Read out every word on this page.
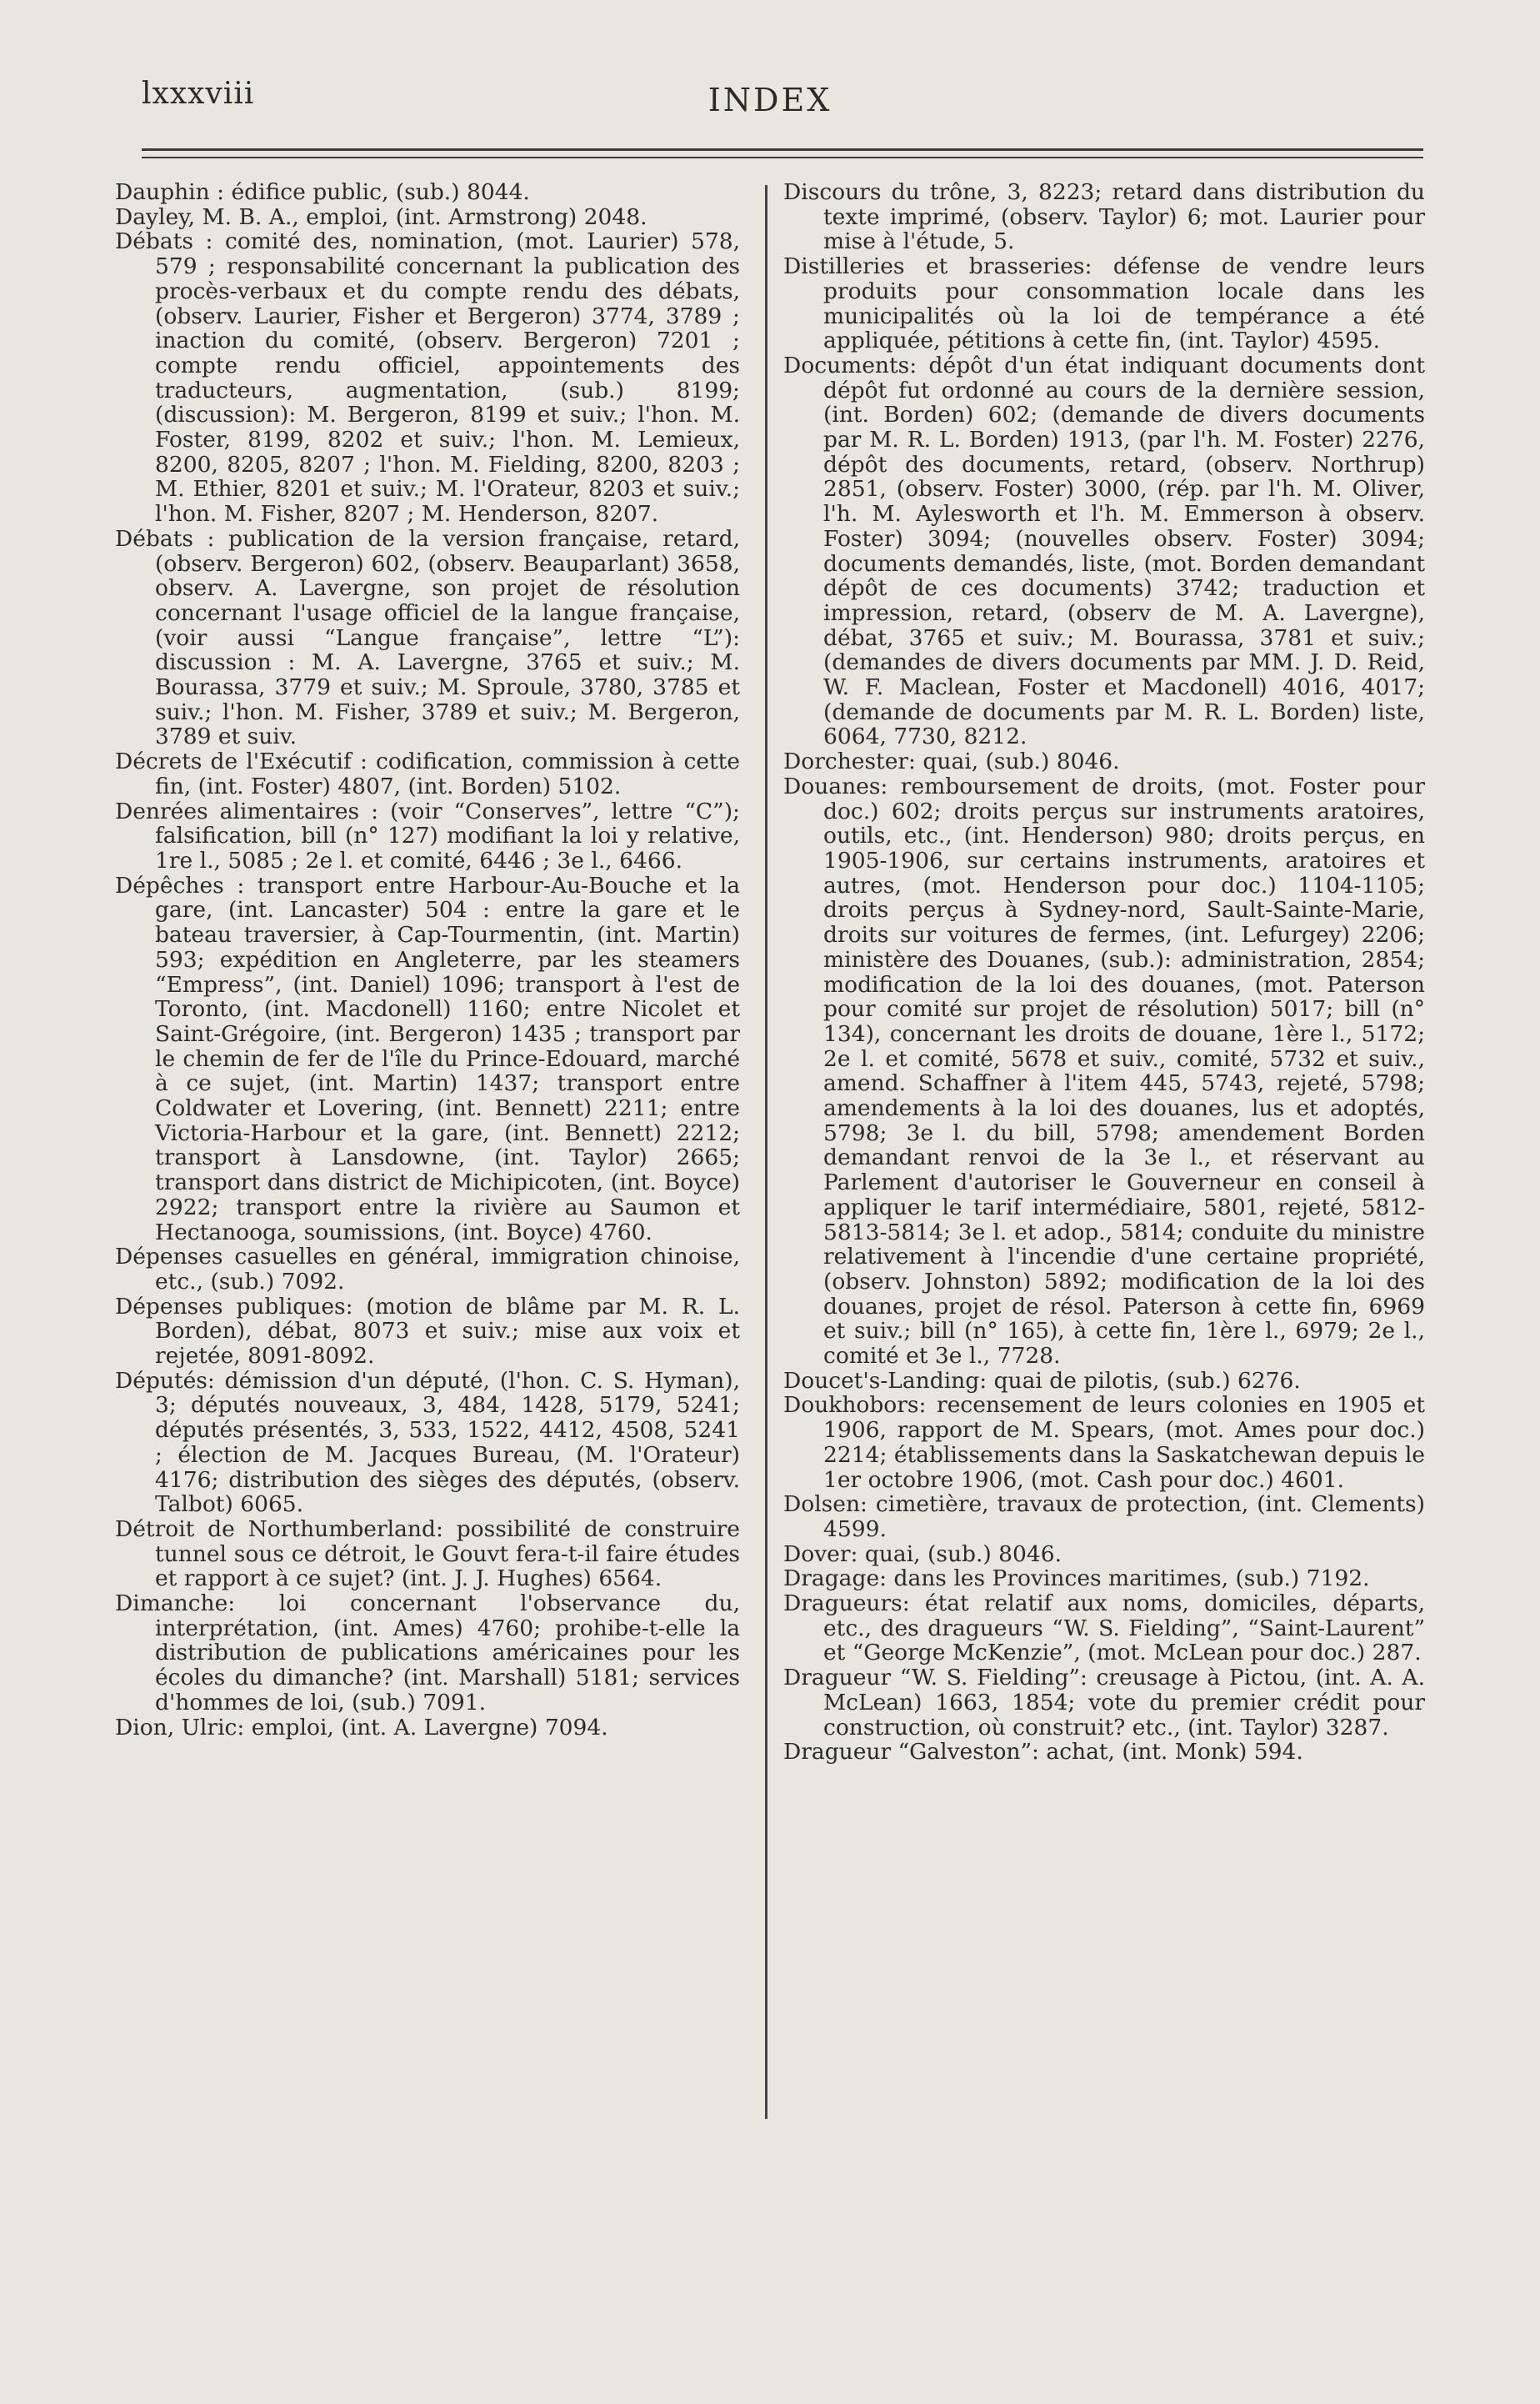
lxxxviii	INDEX

Dauphin : édifice public, (sub.) 8044.

Dayley, M. B. A., emploi, (int. Armstrong) 2048.

Débats : comité des, nomination, (mot. Laurier) 578, 579 ; responsabilité concernant la publication des procès-verbaux et du compte rendu des débats, (observ. Laurier, Fisher et Bergeron) 3774, 3789 ; inaction du comité, (observ. Bergeron) 7201 ; compte rendu officiel, appointements des traducteurs, augmentation, (sub.) 8199; (discussion): M. Bergeron, 8199 et suiv.; l'hon. M. Foster, 8199, 8202 et suiv.; l'hon. M. Lemieux, 8200, 8205, 8207 ; l'hon. M. Fielding, 8200, 8203 ; M. Ethier, 8201 et suiv.; M. l'Orateur, 8203 et suiv.; l'hon. M. Fisher, 8207 ; M. Henderson, 8207.

Débats : publication de la version française, retard, (observ. Bergeron) 602, (observ. Beauparlant) 3658, observ. A. Lavergne, son projet de résolution concernant l'usage officiel de la langue française, (voir aussi “Langue française”, lettre “L”): discussion : M. A. Lavergne, 3765 et suiv.; M. Bourassa, 3779 et suiv.; M. Sproule, 3780, 3785 et suiv.; l'hon. M. Fisher, 3789 et suiv.; M. Bergeron, 3789 et suiv.

Décrets de l'Exécutif : codification, commission à cette fin, (int. Foster) 4807, (int. Borden) 5102.

Denrées alimentaires : (voir “Conserves”, lettre “C”); falsification, bill (n° 127) modifiant la loi y relative, 1re l., 5085 ; 2e l. et comité, 6446 ; 3e l., 6466.

Dépêches : transport entre Harbour-Au-Bouche et la gare, (int. Lancaster) 504 : entre la gare et le bateau traversier, à Cap-Tourmentin, (int. Martin) 593; expédition en Angleterre, par les steamers “Empress”, (int. Daniel) 1096; transport à l'est de Toronto, (int. Macdonell) 1160; entre Nicolet et Saint-Grégoire, (int. Bergeron) 1435 ; transport par le chemin de fer de l'île du Prince-Edouard, marché à ce sujet, (int. Martin) 1437; transport entre Coldwater et Lovering, (int. Bennett) 2211; entre Victoria-Harbour et la gare, (int. Bennett) 2212; transport à Lansdowne, (int. Taylor) 2665; transport dans district de Michipicoten, (int. Boyce) 2922; transport entre la rivière au Saumon et Hectanooga, soumissions, (int. Boyce) 4760.

Dépenses casuelles en général, immigration chinoise, etc., (sub.) 7092.

Dépenses publiques: (motion de blâme par M. R. L. Borden), débat, 8073 et suiv.; mise aux voix et rejetée, 8091-8092.

Députés: démission d'un député, (l'hon. C. S. Hyman), 3; députés nouveaux, 3, 484, 1428, 5179, 5241; députés présentés, 3, 533, 1522, 4412, 4508, 5241 ; élection de M. Jacques Bureau, (M. l'Orateur) 4176; distribution des sièges des députés, (observ. Talbot) 6065.

Détroit de Northumberland: possibilité de construire tunnel sous ce détroit, le Gouvt fera-t-il faire études et rapport à ce sujet? (int. J. J. Hughes) 6564.

Dimanche: loi concernant l'observance du, interprétation, (int. Ames) 4760; prohibe-t-elle la distribution de publications américaines pour les écoles du dimanche? (int. Marshall) 5181; services d'hommes de loi, (sub.) 7091.

Dion, Ulric: emploi, (int. A. Lavergne) 7094.

Discours du trône, 3, 8223; retard dans distribution du texte imprimé, (observ. Taylor) 6; mot. Laurier pour mise à l'étude, 5.

Distilleries et brasseries: défense de vendre leurs produits pour consommation locale dans les municipalités où la loi de tempérance a été appliquée, pétitions à cette fin, (int. Taylor) 4595.

Documents: dépôt d'un état indiquant documents dont dépôt fut ordonné au cours de la dernière session, (int. Borden) 602; (demande de divers documents par M. R. L. Borden) 1913, (par l'h. M. Foster) 2276, dépôt des documents, retard, (observ. Northrup) 2851, (observ. Foster) 3000, (rép. par l'h. M. Oliver, l'h. M. Aylesworth et l'h. M. Emmerson à observ. Foster) 3094; (nouvelles observ. Foster) 3094; documents demandés, liste, (mot. Borden demandant dépôt de ces documents) 3742; traduction et impression, retard, (observ de M. A. Lavergne), débat, 3765 et suiv.; M. Bourassa, 3781 et suiv.; (demandes de divers documents par MM. J. D. Reid, W. F. Maclean, Foster et Macdonell) 4016, 4017; (demande de documents par M. R. L. Borden) liste, 6064, 7730, 8212.

Dorchester: quai, (sub.) 8046.

Douanes: remboursement de droits, (mot. Foster pour doc.) 602; droits perçus sur instruments aratoires, outils, etc., (int. Henderson) 980; droits perçus, en 1905-1906, sur certains instruments, aratoires et autres, (mot. Henderson pour doc.) 1104-1105; droits perçus à Sydney-nord, Sault-Sainte-Marie, droits sur voitures de fermes, (int. Lefurgey) 2206; ministère des Douanes, (sub.): administration, 2854; modification de la loi des douanes, (mot. Paterson pour comité sur projet de résolution) 5017; bill (n° 134), concernant les droits de douane, 1ère l., 5172; 2e l. et comité, 5678 et suiv., comité, 5732 et suiv., amend. Schaffner à l'item 445, 5743, rejeté, 5798; amendements à la loi des douanes, lus et adoptés, 5798; 3e l. du bill, 5798; amendement Borden demandant renvoi de la 3e l., et réservant au Parlement d'autoriser le Gouverneur en conseil à appliquer le tarif intermédiaire, 5801, rejeté, 5812-5813-5814; 3e l. et adop., 5814; conduite du ministre relativement à l'incendie d'une certaine propriété, (observ. Johnston) 5892; modification de la loi des douanes, projet de résol. Paterson à cette fin, 6969 et suiv.; bill (n° 165), à cette fin, 1ère l., 6979; 2e l., comité et 3e l., 7728.

Doucet's-Landing: quai de pilotis, (sub.) 6276.

Doukhobors: recensement de leurs colonies en 1905 et 1906, rapport de M. Spears, (mot. Ames pour doc.) 2214; établissements dans la Saskatchewan depuis le 1er octobre 1906, (mot. Cash pour doc.) 4601.

Dolsen: cimetière, travaux de protection, (int. Clements) 4599.

Dover: quai, (sub.) 8046.

Dragage: dans les Provinces maritimes, (sub.) 7192.

Dragueurs: état relatif aux noms, domiciles, départs, etc., des dragueurs “W. S. Fielding”, “Saint-Laurent” et “George McKenzie”, (mot. McLean pour doc.) 287.

Dragueur “W. S. Fielding”: creusage à Pictou, (int. A. A. McLean) 1663, 1854; vote du premier crédit pour construction, où construit? etc., (int. Taylor) 3287.

Dragueur “Galveston”: achat, (int. Monk) 594.
